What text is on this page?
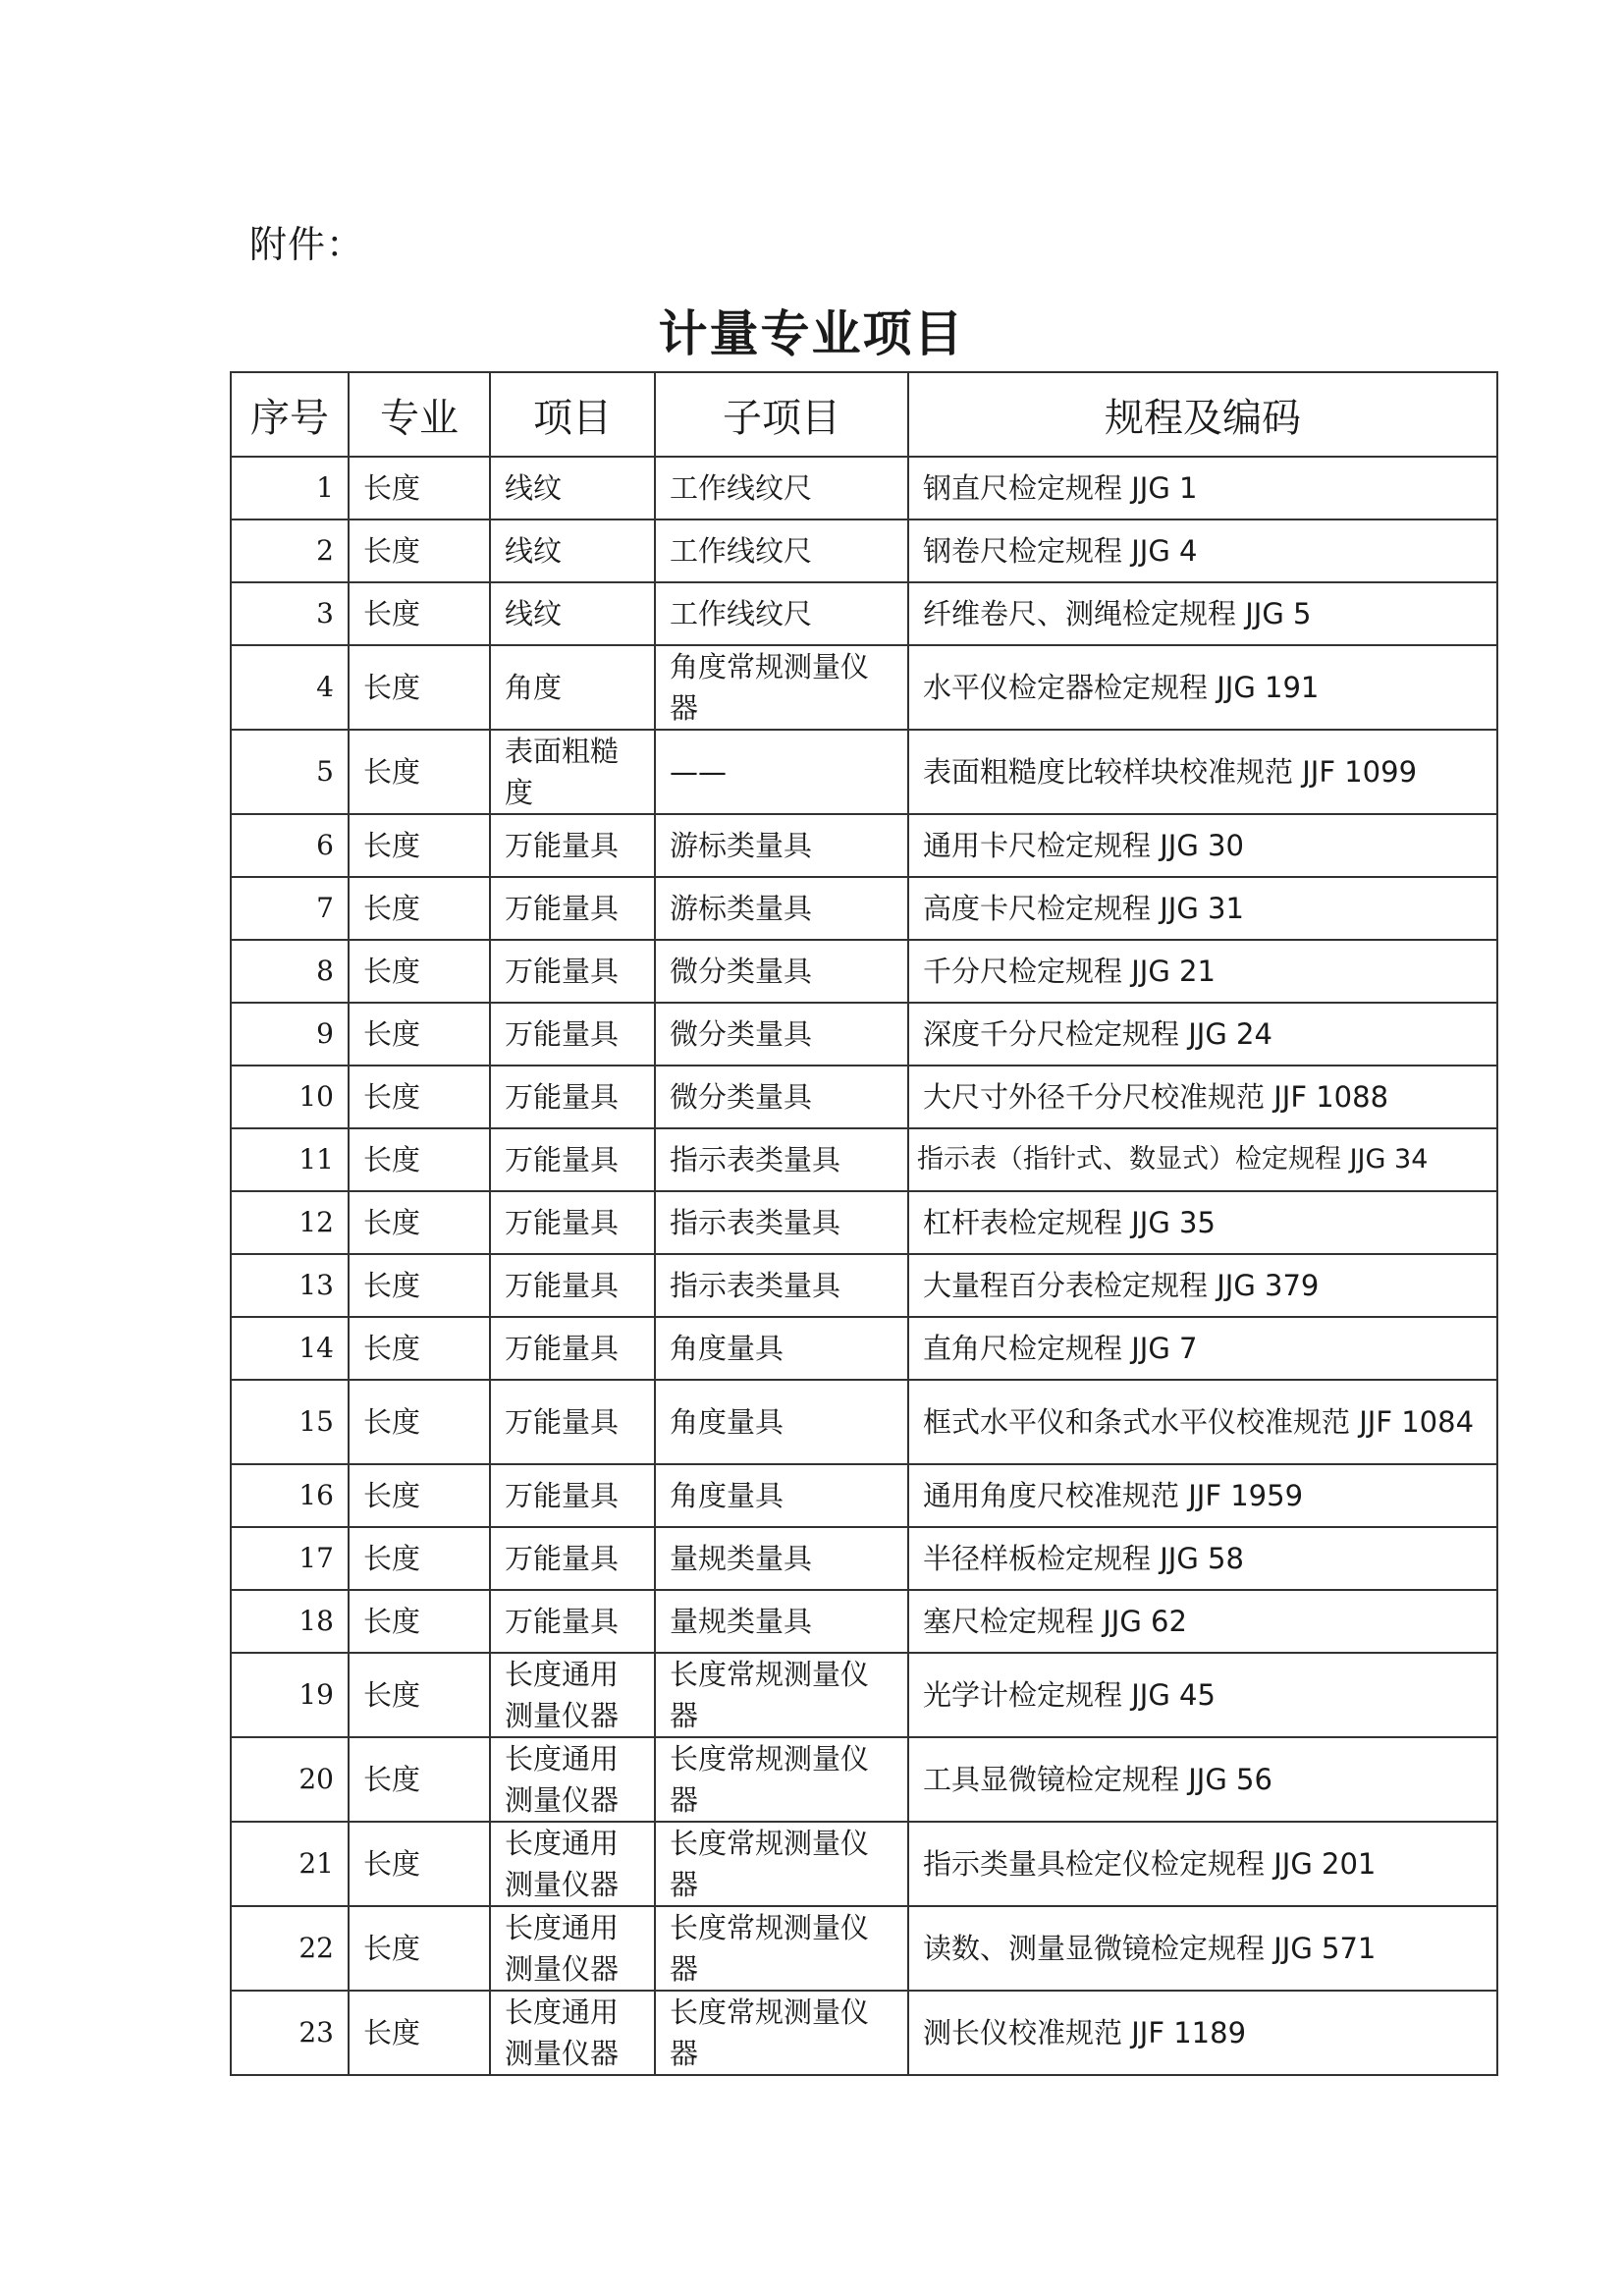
附件：
计量专业项目
序号	专业	项目	子项目	规程及编码
1	长度	线纹	工作线纹尺	钢直尺检定规程 JJG 1
2	长度	线纹	工作线纹尺	钢卷尺检定规程 JJG 4
3	长度	线纹	工作线纹尺	纤维卷尺、测绳检定规程 JJG 5
4	长度	角度	角度常规测量仪器	水平仪检定器检定规程 JJG 191
5	长度	表面粗糙度	——	表面粗糙度比较样块校准规范 JJF 1099
6	长度	万能量具	游标类量具	通用卡尺检定规程 JJG 30
7	长度	万能量具	游标类量具	高度卡尺检定规程 JJG 31
8	长度	万能量具	微分类量具	千分尺检定规程 JJG 21
9	长度	万能量具	微分类量具	深度千分尺检定规程 JJG 24
10	长度	万能量具	微分类量具	大尺寸外径千分尺校准规范 JJF 1088
11	长度	万能量具	指示表类量具	指示表（指针式、数显式）检定规程 JJG 34
12	长度	万能量具	指示表类量具	杠杆表检定规程 JJG 35
13	长度	万能量具	指示表类量具	大量程百分表检定规程 JJG 379
14	长度	万能量具	角度量具	直角尺检定规程 JJG 7
15	长度	万能量具	角度量具	框式水平仪和条式水平仪校准规范 JJF 1084
16	长度	万能量具	角度量具	通用角度尺校准规范 JJF 1959
17	长度	万能量具	量规类量具	半径样板检定规程 JJG 58
18	长度	万能量具	量规类量具	塞尺检定规程 JJG 62
19	长度	长度通用测量仪器	长度常规测量仪器	光学计检定规程 JJG 45
20	长度	长度通用测量仪器	长度常规测量仪器	工具显微镜检定规程 JJG 56
21	长度	长度通用测量仪器	长度常规测量仪器	指示类量具检定仪检定规程 JJG 201
22	长度	长度通用测量仪器	长度常规测量仪器	读数、测量显微镜检定规程 JJG 571
23	长度	长度通用测量仪器	长度常规测量仪器	测长仪校准规范 JJF 1189
